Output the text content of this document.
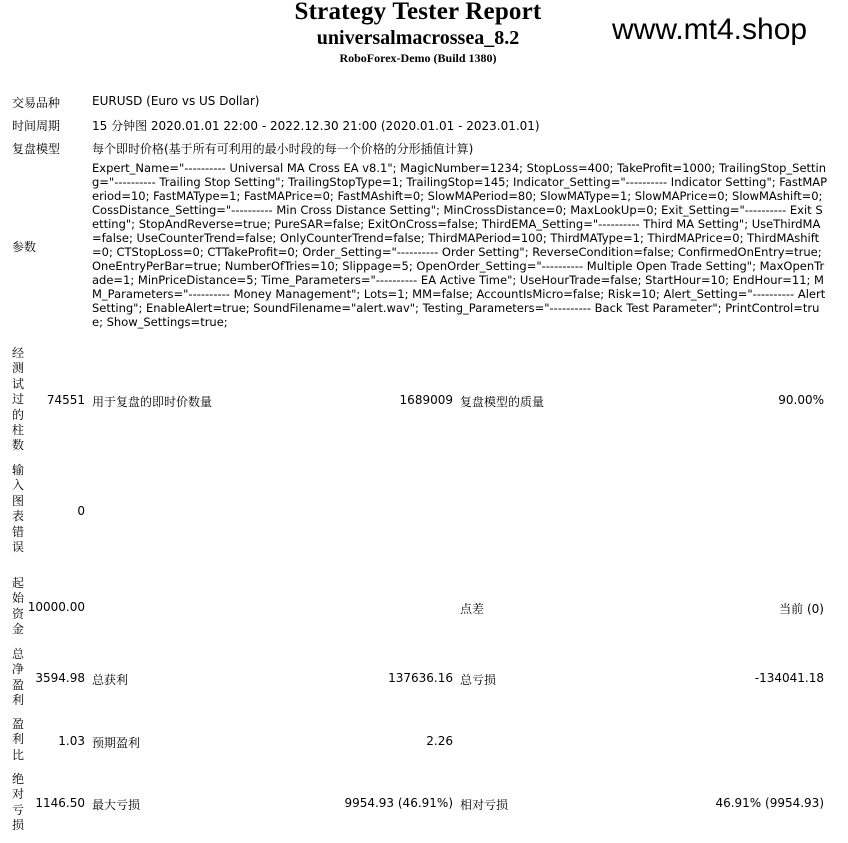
Strategy Tester Report
universalmacrossea_8.2
RoboForex-Demo (Build 1380)
www.mt4.shop
交易品种	EURUSD (Euro vs US Dollar)
时间周期	15 分钟图 2020.01.01 22:00 - 2022.12.30 21:00 (2020.01.01 - 2023.01.01)
复盘模型	每个即时价格(基于所有可利用的最小时段的每一个价格的分形插值计算)
参数
Expert_Name="---------- Universal MA Cross EA v8.1"; MagicNumber=1234; StopLoss=400; TakeProfit=1000; TrailingStop_Setting="---------- Trailing Stop Setting"; TrailingStopType=1; TrailingStop=145; Indicator_Setting="---------- Indicator Setting"; FastMAPeriod=10; FastMAType=1; FastMAPrice=0; FastMAshift=0; SlowMAPeriod=80; SlowMAType=1; SlowMAPrice=0; SlowMAshift=0; CossDistance_Setting="---------- Min Cross Distance Setting"; MinCrossDistance=0; MaxLookUp=0; Exit_Setting="---------- Exit Setting"; StopAndReverse=true; PureSAR=false; ExitOnCross=false; ThirdEMA_Setting="---------- Third MA Setting"; UseThirdMA=false; UseCounterTrend=false; OnlyCounterTrend=false; ThirdMAPeriod=100; ThirdMAType=1; ThirdMAPrice=0; ThirdMAshift=0; CTStopLoss=0; CTTakeProfit=0; Order_Setting="---------- Order Setting"; ReverseCondition=false; ConfirmedOnEntry=true; OneEntryPerBar=true; NumberOfTries=10; Slippage=5; OpenOrder_Setting="---------- Multiple Open Trade Setting"; MaxOpenTrade=1; MinPriceDistance=5; Time_Parameters="---------- EA Active Time"; UseHourTrade=false; StartHour=10; EndHour=11; MM_Parameters="---------- Money Management"; Lots=1; MM=false; AccountIsMicro=false; Risk=10; Alert_Setting="---------- Alert Setting"; EnableAlert=true; SoundFilename="alert.wav"; Testing_Parameters="---------- Back Test Parameter"; PrintControl=true; Show_Settings=true;
经测试过的柱数
74551 用于复盘的即时价数量	1689009 复盘模型的质量	90.00%
输入图表错误
0
起始资金
10000.00	点差	当前 (0)
总净盈利
3594.98 总获利	137636.16 总亏损	-134041.18
盈利比
1.03 预期盈利	2.26
绝对亏损
1146.50 最大亏损	9954.93 (46.91%) 相对亏损	46.91% (9954.93)
